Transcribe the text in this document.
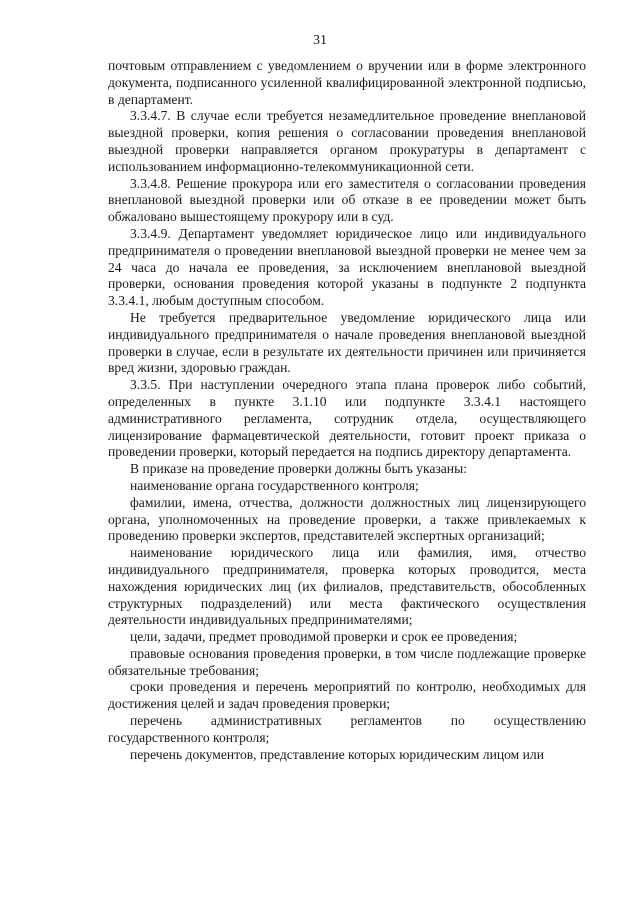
31

почтовым отправлением с уведомлением о вручении или в форме электронного документа, подписанного усиленной квалифицированной электронной подписью, в департамент.

3.3.4.7. В случае если требуется незамедлительное проведение внеплановой выездной проверки, копия решения о согласовании проведения внеплановой выездной проверки направляется органом прокуратуры в департамент с использованием информационно-телекоммуникационной сети.

3.3.4.8. Решение прокурора или его заместителя о согласовании проведения внеплановой выездной проверки или об отказе в ее проведении может быть обжаловано вышестоящему прокурору или в суд.

3.3.4.9. Департамент уведомляет юридическое лицо или индивидуального предпринимателя о проведении внеплановой выездной проверки не менее чем за 24 часа до начала ее проведения, за исключением внеплановой выездной проверки, основания проведения которой указаны в подпункте 2 подпункта 3.3.4.1, любым доступным способом.

Не требуется предварительное уведомление юридического лица или индивидуального предпринимателя о начале проведения внеплановой выездной проверки в случае, если в результате их деятельности причинен или причиняется вред жизни, здоровью граждан.

3.3.5. При наступлении очередного этапа плана проверок либо событий, определенных в пункте 3.1.10 или подпункте 3.3.4.1 настоящего административного регламента, сотрудник отдела, осуществляющего лицензирование фармацевтической деятельности, готовит проект приказа о проведении проверки, который передается на подпись директору департамента.

В приказе на проведение проверки должны быть указаны:

наименование органа государственного контроля;

фамилии, имена, отчества, должности должностных лиц лицензирующего органа, уполномоченных на проведение проверки, а также привлекаемых к проведению проверки экспертов, представителей экспертных организаций;

наименование юридического лица или фамилия, имя, отчество индивидуального предпринимателя, проверка которых проводится, места нахождения юридических лиц (их филиалов, представительств, обособленных структурных подразделений) или места фактического осуществления деятельности индивидуальных предпринимателями;

цели, задачи, предмет проводимой проверки и срок ее проведения;

правовые основания проведения проверки, в том числе подлежащие проверке обязательные требования;

сроки проведения и перечень мероприятий по контролю, необходимых для достижения целей и задач проведения проверки;

перечень административных регламентов по осуществлению государственного контроля;

перечень документов, представление которых юридическим лицом или
